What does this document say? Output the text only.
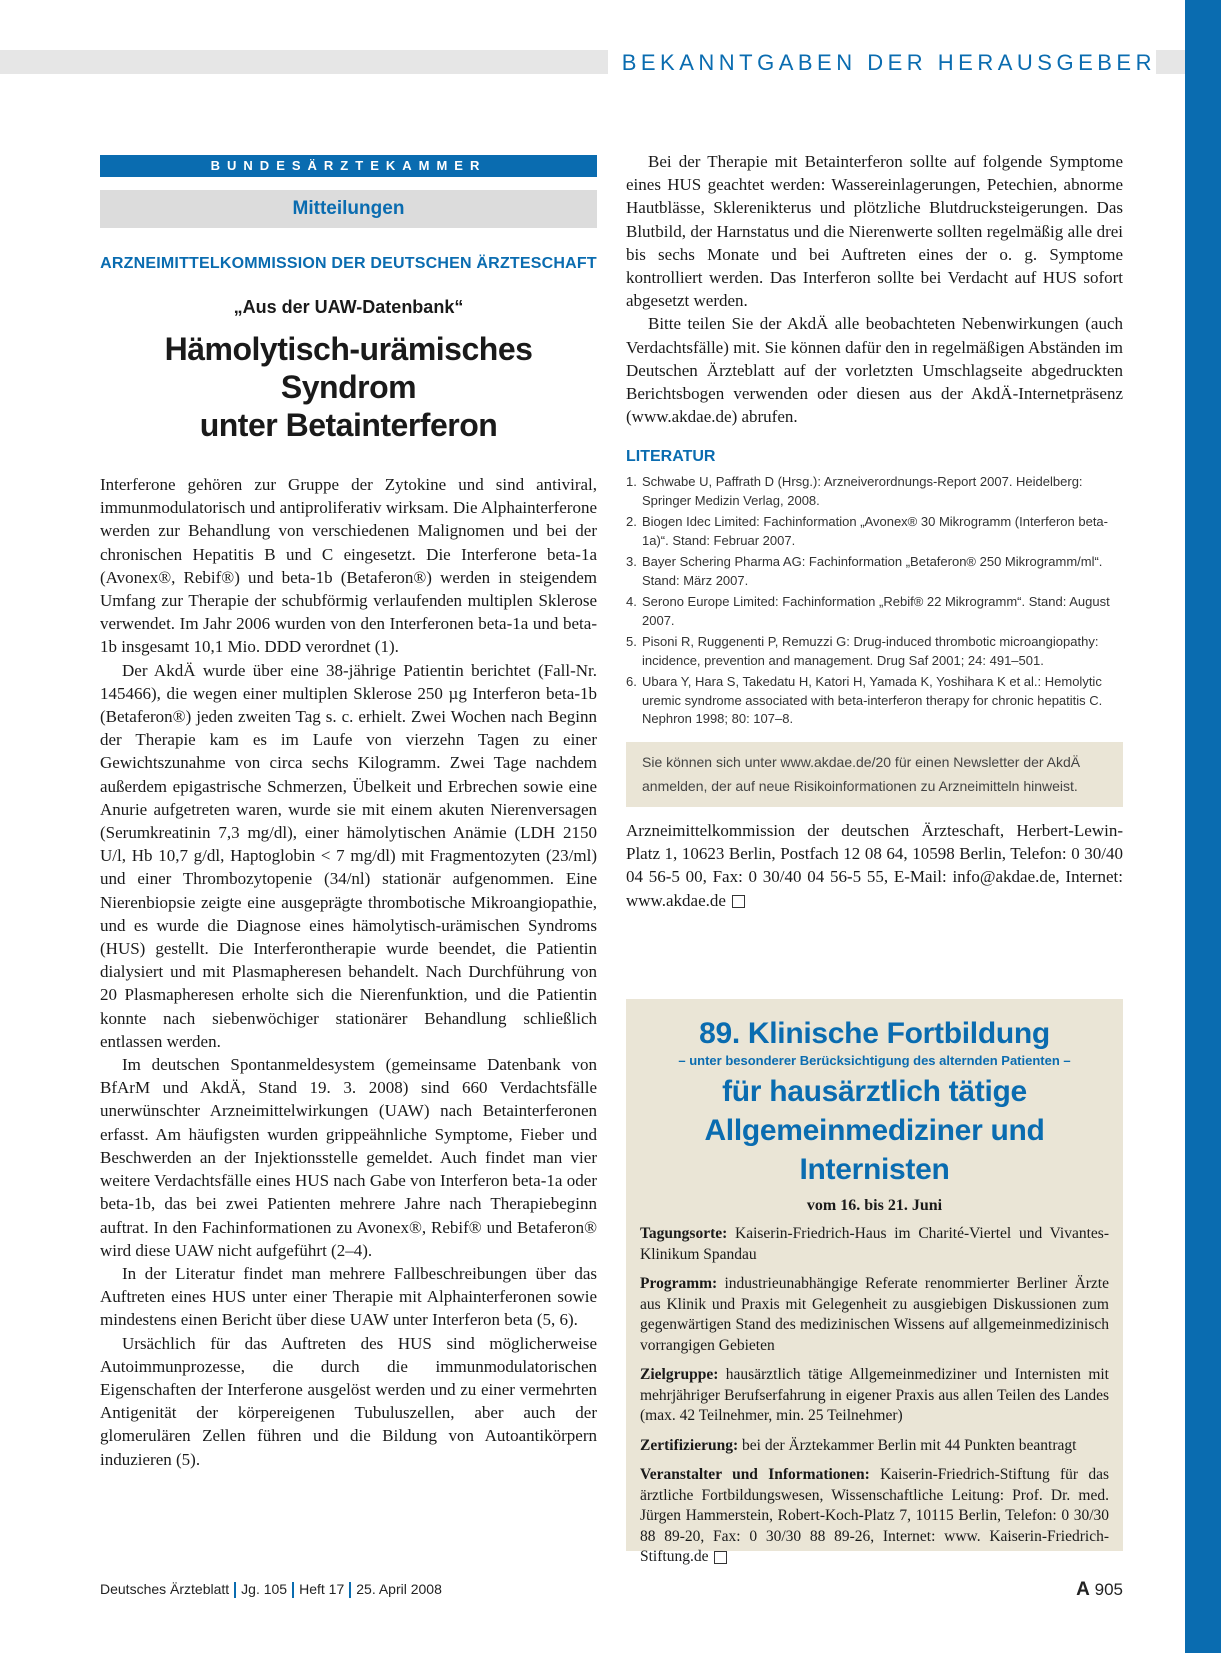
BEKANNTGABEN DER HERAUSGEBER
BUNDESÄRZTEKAMMER
Mitteilungen
ARZNEIMITTELKOMMISSION DER DEUTSCHEN ÄRZTESCHAFT
„Aus der UAW-Datenbank“
Hämolytisch-urämisches Syndrom
unter Betainterferon

Interferone gehören zur Gruppe der Zytokine und sind antiviral, immunmodulatorisch und antiproliferativ wirksam. Die Alphainterferone werden zur Behandlung von verschiedenen Malignomen und bei der chronischen Hepatitis B und C eingesetzt. Die Interferone beta-1a (Avonex®, Rebif®) und beta-1b (Betaferon®) werden in steigendem Umfang zur Therapie der schubförmig verlaufenden multiplen Sklerose verwendet. Im Jahr 2006 wurden von den Interferonen beta-1a und beta-1b insgesamt 10,1 Mio. DDD verordnet (1).

Der AkdÄ wurde über eine 38-jährige Patientin berichtet (Fall-Nr. 145466), die wegen einer multiplen Sklerose 250 µg Interferon beta-1b (Betaferon®) jeden zweiten Tag s. c. erhielt. Zwei Wochen nach Beginn der Therapie kam es im Laufe von vierzehn Tagen zu einer Gewichtszunahme von circa sechs Kilogramm. Zwei Tage nachdem außerdem epigastrische Schmerzen, Übelkeit und Erbrechen sowie eine Anurie aufgetreten waren, wurde sie mit einem akuten Nierenversagen (Serumkreatinin 7,3 mg/dl), einer hämolytischen Anämie (LDH 2150 U/l, Hb 10,7 g/dl, Haptoglobin < 7 mg/dl) mit Fragmentozyten (23/ml) und einer Thrombozytopenie (34/nl) stationär aufgenommen. Eine Nierenbiopsie zeigte eine ausgeprägte thrombotische Mikroangiopathie, und es wurde die Diagnose eines hämolytisch-urämischen Syndroms (HUS) gestellt. Die Interferontherapie wurde beendet, die Patientin dialysiert und mit Plasmapheresen behandelt. Nach Durchführung von 20 Plasmapheresen erholte sich die Nierenfunktion, und die Patientin konnte nach siebenwöchiger stationärer Behandlung schließlich entlassen werden.

Im deutschen Spontanmeldesystem (gemeinsame Datenbank von BfArM und AkdÄ, Stand 19. 3. 2008) sind 660 Verdachtsfälle unerwünschter Arzneimittelwirkungen (UAW) nach Betainterferonen erfasst. Am häufigsten wurden grippeähnliche Symptome, Fieber und Beschwerden an der Injektionsstelle gemeldet. Auch findet man vier weitere Verdachtsfälle eines HUS nach Gabe von Interferon beta-1a oder beta-1b, das bei zwei Patienten mehrere Jahre nach Therapiebeginn auftrat. In den Fachinformationen zu Avonex®, Rebif® und Betaferon® wird diese UAW nicht aufgeführt (2–4).

In der Literatur findet man mehrere Fallbeschreibungen über das Auftreten eines HUS unter einer Therapie mit Alphainterferonen sowie mindestens einen Bericht über diese UAW unter Interferon beta (5, 6).

Ursächlich für das Auftreten des HUS sind möglicherweise Autoimmunprozesse, die durch die immunmodulatorischen Eigenschaften der Interferone ausgelöst werden und zu einer vermehrten Antigenität der körpereigenen Tubuluszellen, aber auch der glomerulären Zellen führen und die Bildung von Autoantikörpern induzieren (5).

Bei der Therapie mit Betainterferon sollte auf folgende Symptome eines HUS geachtet werden: Wassereinlagerungen, Petechien, abnorme Hautblässe, Sklerenikterus und plötzliche Blutdrucksteigerungen. Das Blutbild, der Harnstatus und die Nierenwerte sollten regelmäßig alle drei bis sechs Monate und bei Auftreten eines der o. g. Symptome kontrolliert werden. Das Interferon sollte bei Verdacht auf HUS sofort abgesetzt werden.

Bitte teilen Sie der AkdÄ alle beobachteten Nebenwirkungen (auch Verdachtsfälle) mit. Sie können dafür den in regelmäßigen Abständen im Deutschen Ärzteblatt auf der vorletzten Umschlagseite abgedruckten Berichtsbogen verwenden oder diesen aus der AkdÄ-Internetpräsenz (www.akdae.de) abrufen.

LITERATUR
1. Schwabe U, Paffrath D (Hrsg.): Arzneiverordnungs-Report 2007. Heidelberg: Springer Medizin Verlag, 2008.
2. Biogen Idec Limited: Fachinformation „Avonex® 30 Mikrogramm (Interferon beta-1a)“. Stand: Februar 2007.
3. Bayer Schering Pharma AG: Fachinformation „Betaferon® 250 Mikrogramm/ml“. Stand: März 2007.
4. Serono Europe Limited: Fachinformation „Rebif® 22 Mikrogramm“. Stand: August 2007.
5. Pisoni R, Ruggenenti P, Remuzzi G: Drug-induced thrombotic microangiopathy: incidence, prevention and management. Drug Saf 2001; 24: 491–501.
6. Ubara Y, Hara S, Takedatu H, Katori H, Yamada K, Yoshihara K et al.: Hemolytic uremic syndrome associated with beta-interferon therapy for chronic hepatitis C. Nephron 1998; 80: 107–8.
Sie können sich unter www.akdae.de/20 für einen Newsletter der AkdÄ anmelden, der auf neue Risikoinformationen zu Arzneimitteln hinweist.
Arzneimittelkommission der deutschen Ärzteschaft, Herbert-Lewin-Platz 1, 10623 Berlin, Postfach 12 08 64, 10598 Berlin, Telefon: 0 30/40 04 56-5 00, Fax: 0 30/40 04 56-5 55, E-Mail: info@akdae.de, Internet: www.akdae.de
89. Klinische Fortbildung
– unter besonderer Berücksichtigung des alternden Patienten –
für hausärztlich tätige
Allgemeinmediziner und Internisten
vom 16. bis 21. Juni
Tagungsorte: Kaiserin-Friedrich-Haus im Charité-Viertel und Vivantes-Klinikum Spandau
Programm: industrieunabhängige Referate renommierter Berliner Ärzte aus Klinik und Praxis mit Gelegenheit zu ausgiebigen Diskussionen zum gegenwärtigen Stand des medizinischen Wissens auf allgemeinmedizinisch vorrangigen Gebieten
Zielgruppe: hausärztlich tätige Allgemeinmediziner und Internisten mit mehrjähriger Berufserfahrung in eigener Praxis aus allen Teilen des Landes (max. 42 Teilnehmer, min. 25 Teilnehmer)
Zertifizierung: bei der Ärztekammer Berlin mit 44 Punkten beantragt
Veranstalter und Informationen: Kaiserin-Friedrich-Stiftung für das ärztliche Fortbildungswesen, Wissenschaftliche Leitung: Prof. Dr. med. Jürgen Hammerstein, Robert-Koch-Platz 7, 10115 Berlin, Telefon: 0 30/30 88 89-20, Fax: 0 30/30 88 89-26, Internet: www. Kaiserin-Friedrich-Stiftung.de
Deutsches Ärzteblatt Jg. 105 Heft 17 25. April 2008	A 905
